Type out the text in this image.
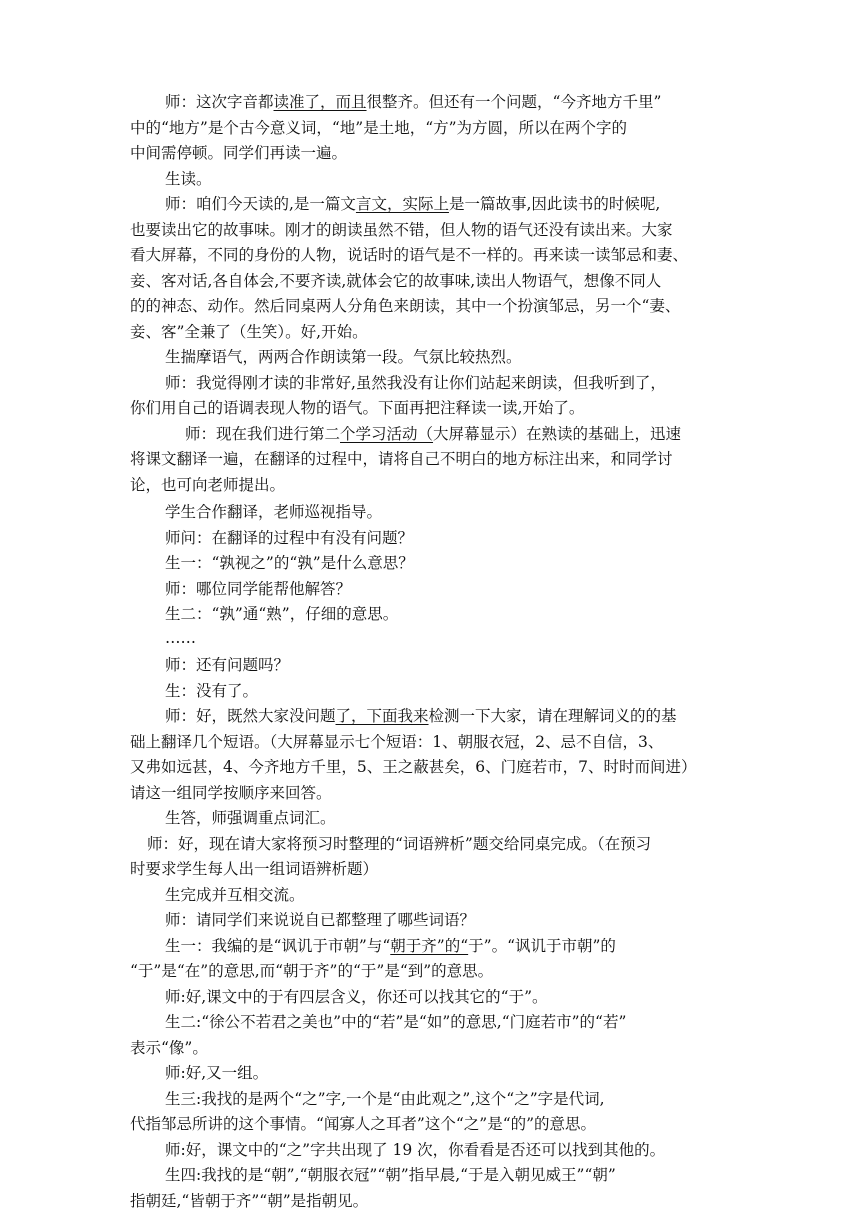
师：这次字音都读准了，而且很整齐。但还有一个问题，“今齐地方千里”
中的“地方”是个古今意义词，“地”是土地，“方”为方圆，所以在两个字的
中间需停顿。同学们再读一遍。
生读。
师：咱们今天读的,是一篇文言文，实际上是一篇故事,因此读书的时候呢,
也要读出它的故事味。刚才的朗读虽然不错，但人物的语气还没有读出来。大家
看大屏幕，不同的身份的人物，说话时的语气是不一样的。再来读一读邹忌和妻、
妾、客对话,各自体会,不要齐读,就体会它的故事味,读出人物语气，想像不同人
的的神态、动作。然后同桌两人分角色来朗读，其中一个扮演邹忌，另一个“妻、
妾、客”全兼了（生笑）。好,开始。
生揣摩语气，两两合作朗读第一段。气氛比较热烈。
师：我觉得刚才读的非常好,虽然我没有让你们站起来朗读，但我听到了，
你们用自己的语调表现人物的语气。下面再把注释读一读,开始了。
师：现在我们进行第二个学习活动（大屏幕显示）在熟读的基础上，迅速
将课文翻译一遍，在翻译的过程中，请将自己不明白的地方标注出来，和同学讨
论，也可向老师提出。
学生合作翻译，老师巡视指导。
师问：在翻译的过程中有没有问题？
生一：“孰视之”的“孰”是什么意思？
师：哪位同学能帮他解答？
生二：“孰”通“熟”，仔细的意思。
……
师：还有问题吗？
生：没有了。
师：好，既然大家没问题了，下面我来检测一下大家，请在理解词义的的基
础上翻译几个短语。（大屏幕显示七个短语：1、朝服衣冠，2、忌不自信，3、
又弗如远甚，4、今齐地方千里，5、王之蔽甚矣，6、门庭若市，7、时时而间进）
请这一组同学按顺序来回答。
生答，师强调重点词汇。
师：好，现在请大家将预习时整理的“词语辨析”题交给同桌完成。（在预习
时要求学生每人出一组词语辨析题）
生完成并互相交流。
师：请同学们来说说自已都整理了哪些词语？
生一：我编的是“讽讥于市朝”与“朝于齐”的“于”。“讽讥于市朝”的
“于”是“在”的意思,而“朝于齐”的“于”是“到”的意思。
师:好,课文中的于有四层含义，你还可以找其它的“于”。
生二:“徐公不若君之美也”中的“若”是“如”的意思,“门庭若市”的“若”
表示“像”。
师:好,又一组。
生三:我找的是两个“之”字,一个是“由此观之”,这个“之”字是代词,
代指邹忌所讲的这个事情。“闻寡人之耳者”这个“之”是“的”的意思。
师:好，课文中的“之”字共出现了 19 次，你看看是否还可以找到其他的。
生四:我找的是“朝”,“朝服衣冠”“朝”指早晨,“于是入朝见威王”“朝”
指朝廷,“皆朝于齐”“朝”是指朝见。
